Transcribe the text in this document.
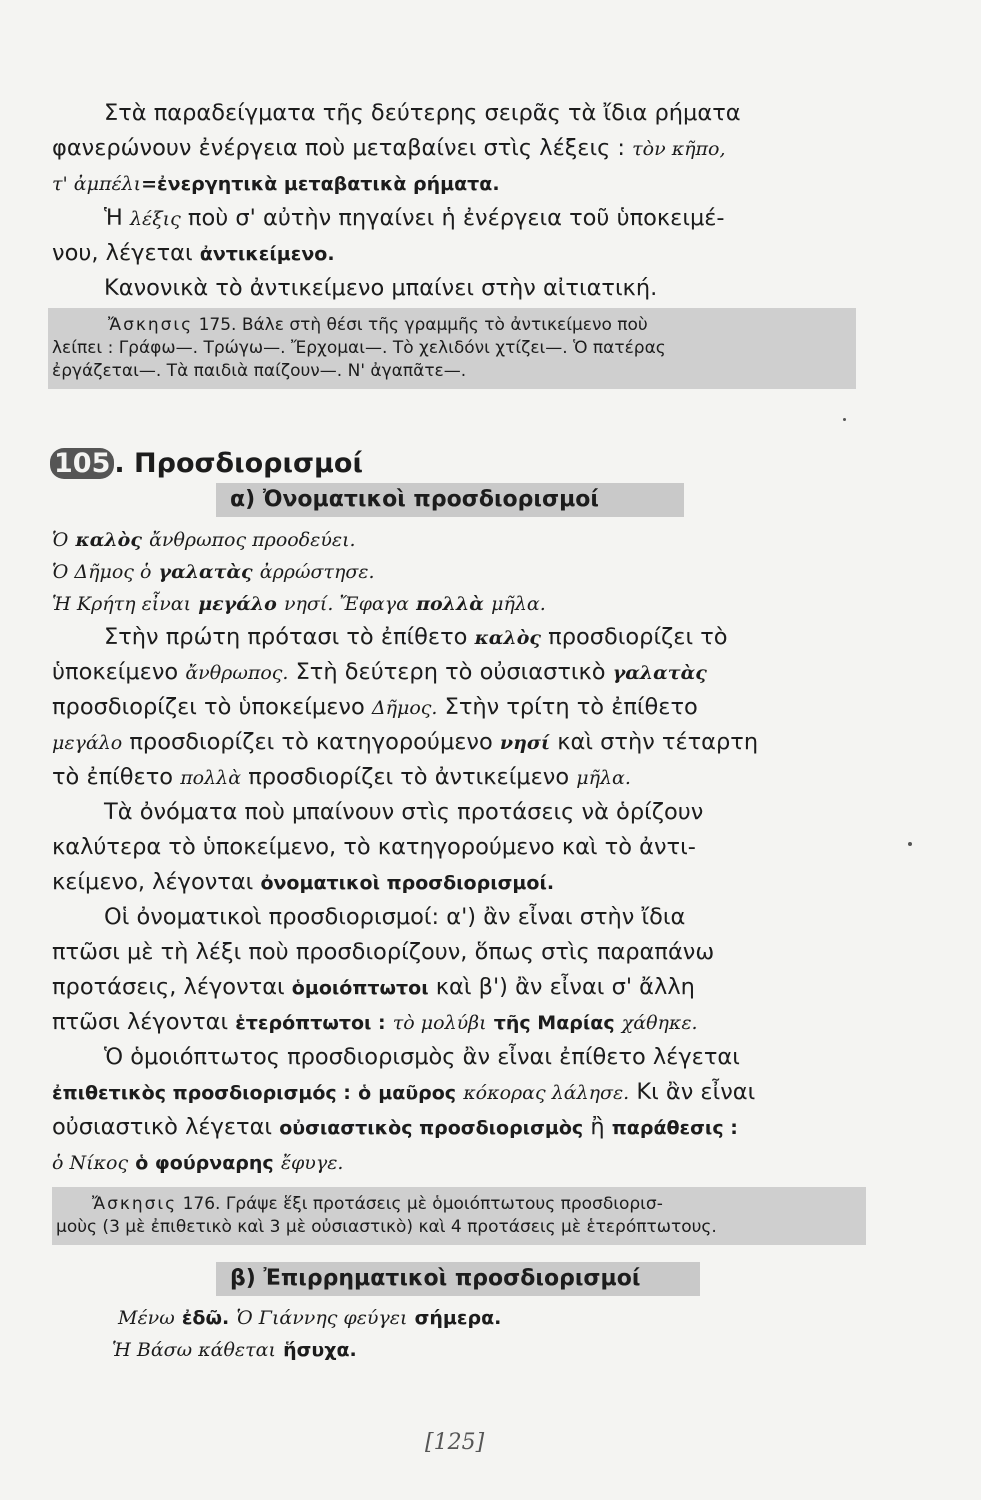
Στὰ παραδείγματα τῆς δεύτερης σειρᾶς τὰ ἴδια ρήματα
φανερώνουν ἐνέργεια ποὺ μεταβαίνει στὶς λέξεις : τὸν κῆπο,
τ' ἀμπέλι=ἐνεργητικὰ μεταβατικὰ ρήματα.
Ἡ λέξις ποὺ σ' αὐτὴν πηγαίνει ἡ ἐνέργεια τοῦ ὑποκειμέ-
νου, λέγεται ἀντικείμενο.
Κανονικὰ τὸ ἀντικείμενο μπαίνει στὴν αἰτιατική.
Ἄσκησις 175. Βάλε στὴ θέσι τῆς γραμμῆς τὸ ἀντικείμενο ποὺ
λείπει : Γράφω—. Τρώγω—. Ἔρχομαι—. Τὸ χελιδόνι χτίζει—. Ὁ πατέρας
ἐργάζεται—. Τὰ παιδιὰ παίζουν—. Ν' ἀγαπᾶτε—.
105 . Προσδιορισμοί
α) Ὀνοματικοὶ προσδιορισμοί
Ὁ καλὸς ἄνθρωπος προοδεύει.
Ὁ Δῆμος ὁ γαλατὰς ἀρρώστησε.
Ἡ Κρήτη εἶναι μεγάλο νησί. Ἔφαγα πολλὰ μῆλα.
Στὴν πρώτη πρότασι τὸ ἐπίθετο καλὸς προσδιορίζει τὸ
ὑποκείμενο ἄνθρωπος. Στὴ δεύτερη τὸ οὐσιαστικὸ γαλατὰς
προσδιορίζει τὸ ὑποκείμενο Δῆμος. Στὴν τρίτη τὸ ἐπίθετο
μεγάλο προσδιορίζει τὸ κατηγορούμενο νησί καὶ στὴν τέταρτη
τὸ ἐπίθετο πολλὰ προσδιορίζει τὸ ἀντικείμενο μῆλα.
Τὰ ὀνόματα ποὺ μπαίνουν στὶς προτάσεις νὰ ὁρίζουν
καλύτερα τὸ ὑποκείμενο, τὸ κατηγορούμενο καὶ τὸ ἀντι-
κείμενο, λέγονται ὀνοματικοὶ προσδιορισμοί.
Οἱ ὀνοματικοὶ προσδιορισμοί: α') ἂν εἶναι στὴν ἴδια
πτῶσι μὲ τὴ λέξι ποὺ προσδιορίζουν, ὅπως στὶς παραπάνω
προτάσεις, λέγονται ὁμοιόπτωτοι καὶ β') ἂν εἶναι σ' ἄλλη
πτῶσι λέγονται ἑτερόπτωτοι : τὸ μολύβι τῆς Μαρίας χάθηκε.
Ὁ ὁμοιόπτωτος προσδιορισμὸς ἂν εἶναι ἐπίθετο λέγεται
ἐπιθετικὸς προσδιορισμός : ὁ μαῦρος κόκορας λάλησε. Κι ἂν εἶναι
οὐσιαστικὸ λέγεται οὐσιαστικὸς προσδιορισμὸς ἢ παράθεσις :
ὁ Νίκος ὁ φούρναρης ἔφυγε.
Ἄσκησις 176. Γράψε ἕξι προτάσεις μὲ ὁμοιόπτωτους προσδιορισ-
μοὺς (3 μὲ ἐπιθετικὸ καὶ 3 μὲ οὐσιαστικὸ) καὶ 4 προτάσεις μὲ ἑτερόπτωτους.
β) Ἐπιρρηματικοὶ προσδιορισμοί
Μένω ἐδῶ. Ὁ Γιάννης φεύγει σήμερα.
Ἡ Βάσω κάθεται ἥσυχα.
[125]
